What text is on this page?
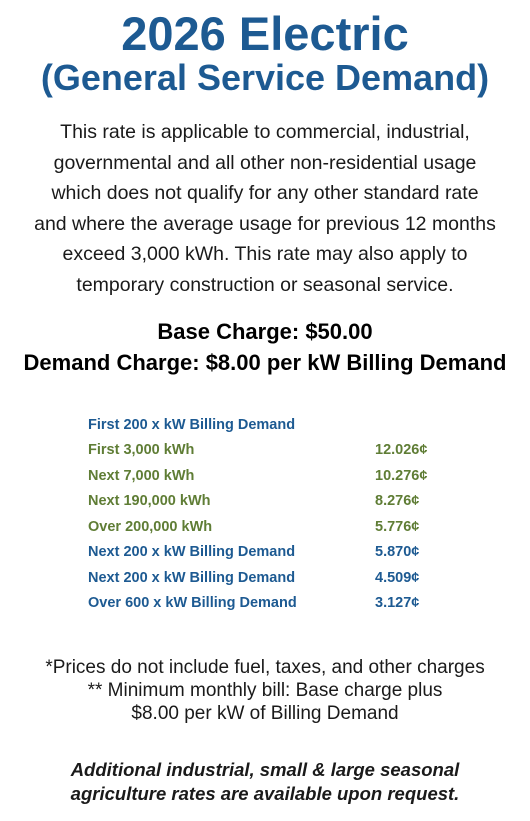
2026 Electric
(General Service Demand)
This rate is applicable to commercial, industrial,
governmental and all other non-residential usage
which does not qualify for any other standard rate
and where the average usage for previous 12 months
exceed 3,000 kWh. This rate may also apply to
temporary construction or seasonal service.
Base Charge: $50.00
Demand Charge: $8.00 per kW Billing Demand
First 200 x kW Billing Demand
First 3,000 kWh	12.026¢
Next 7,000 kWh	10.276¢
Next 190,000 kWh	8.276¢
Over 200,000 kWh	5.776¢
Next 200 x kW Billing Demand	5.870¢
Next 200 x kW Billing Demand	4.509¢
Over 600 x kW Billing Demand	3.127¢
*Prices do not include fuel, taxes, and other charges
** Minimum monthly bill: Base charge plus
$8.00 per kW of Billing Demand
Additional industrial, small & large seasonal
agriculture rates are available upon request.
